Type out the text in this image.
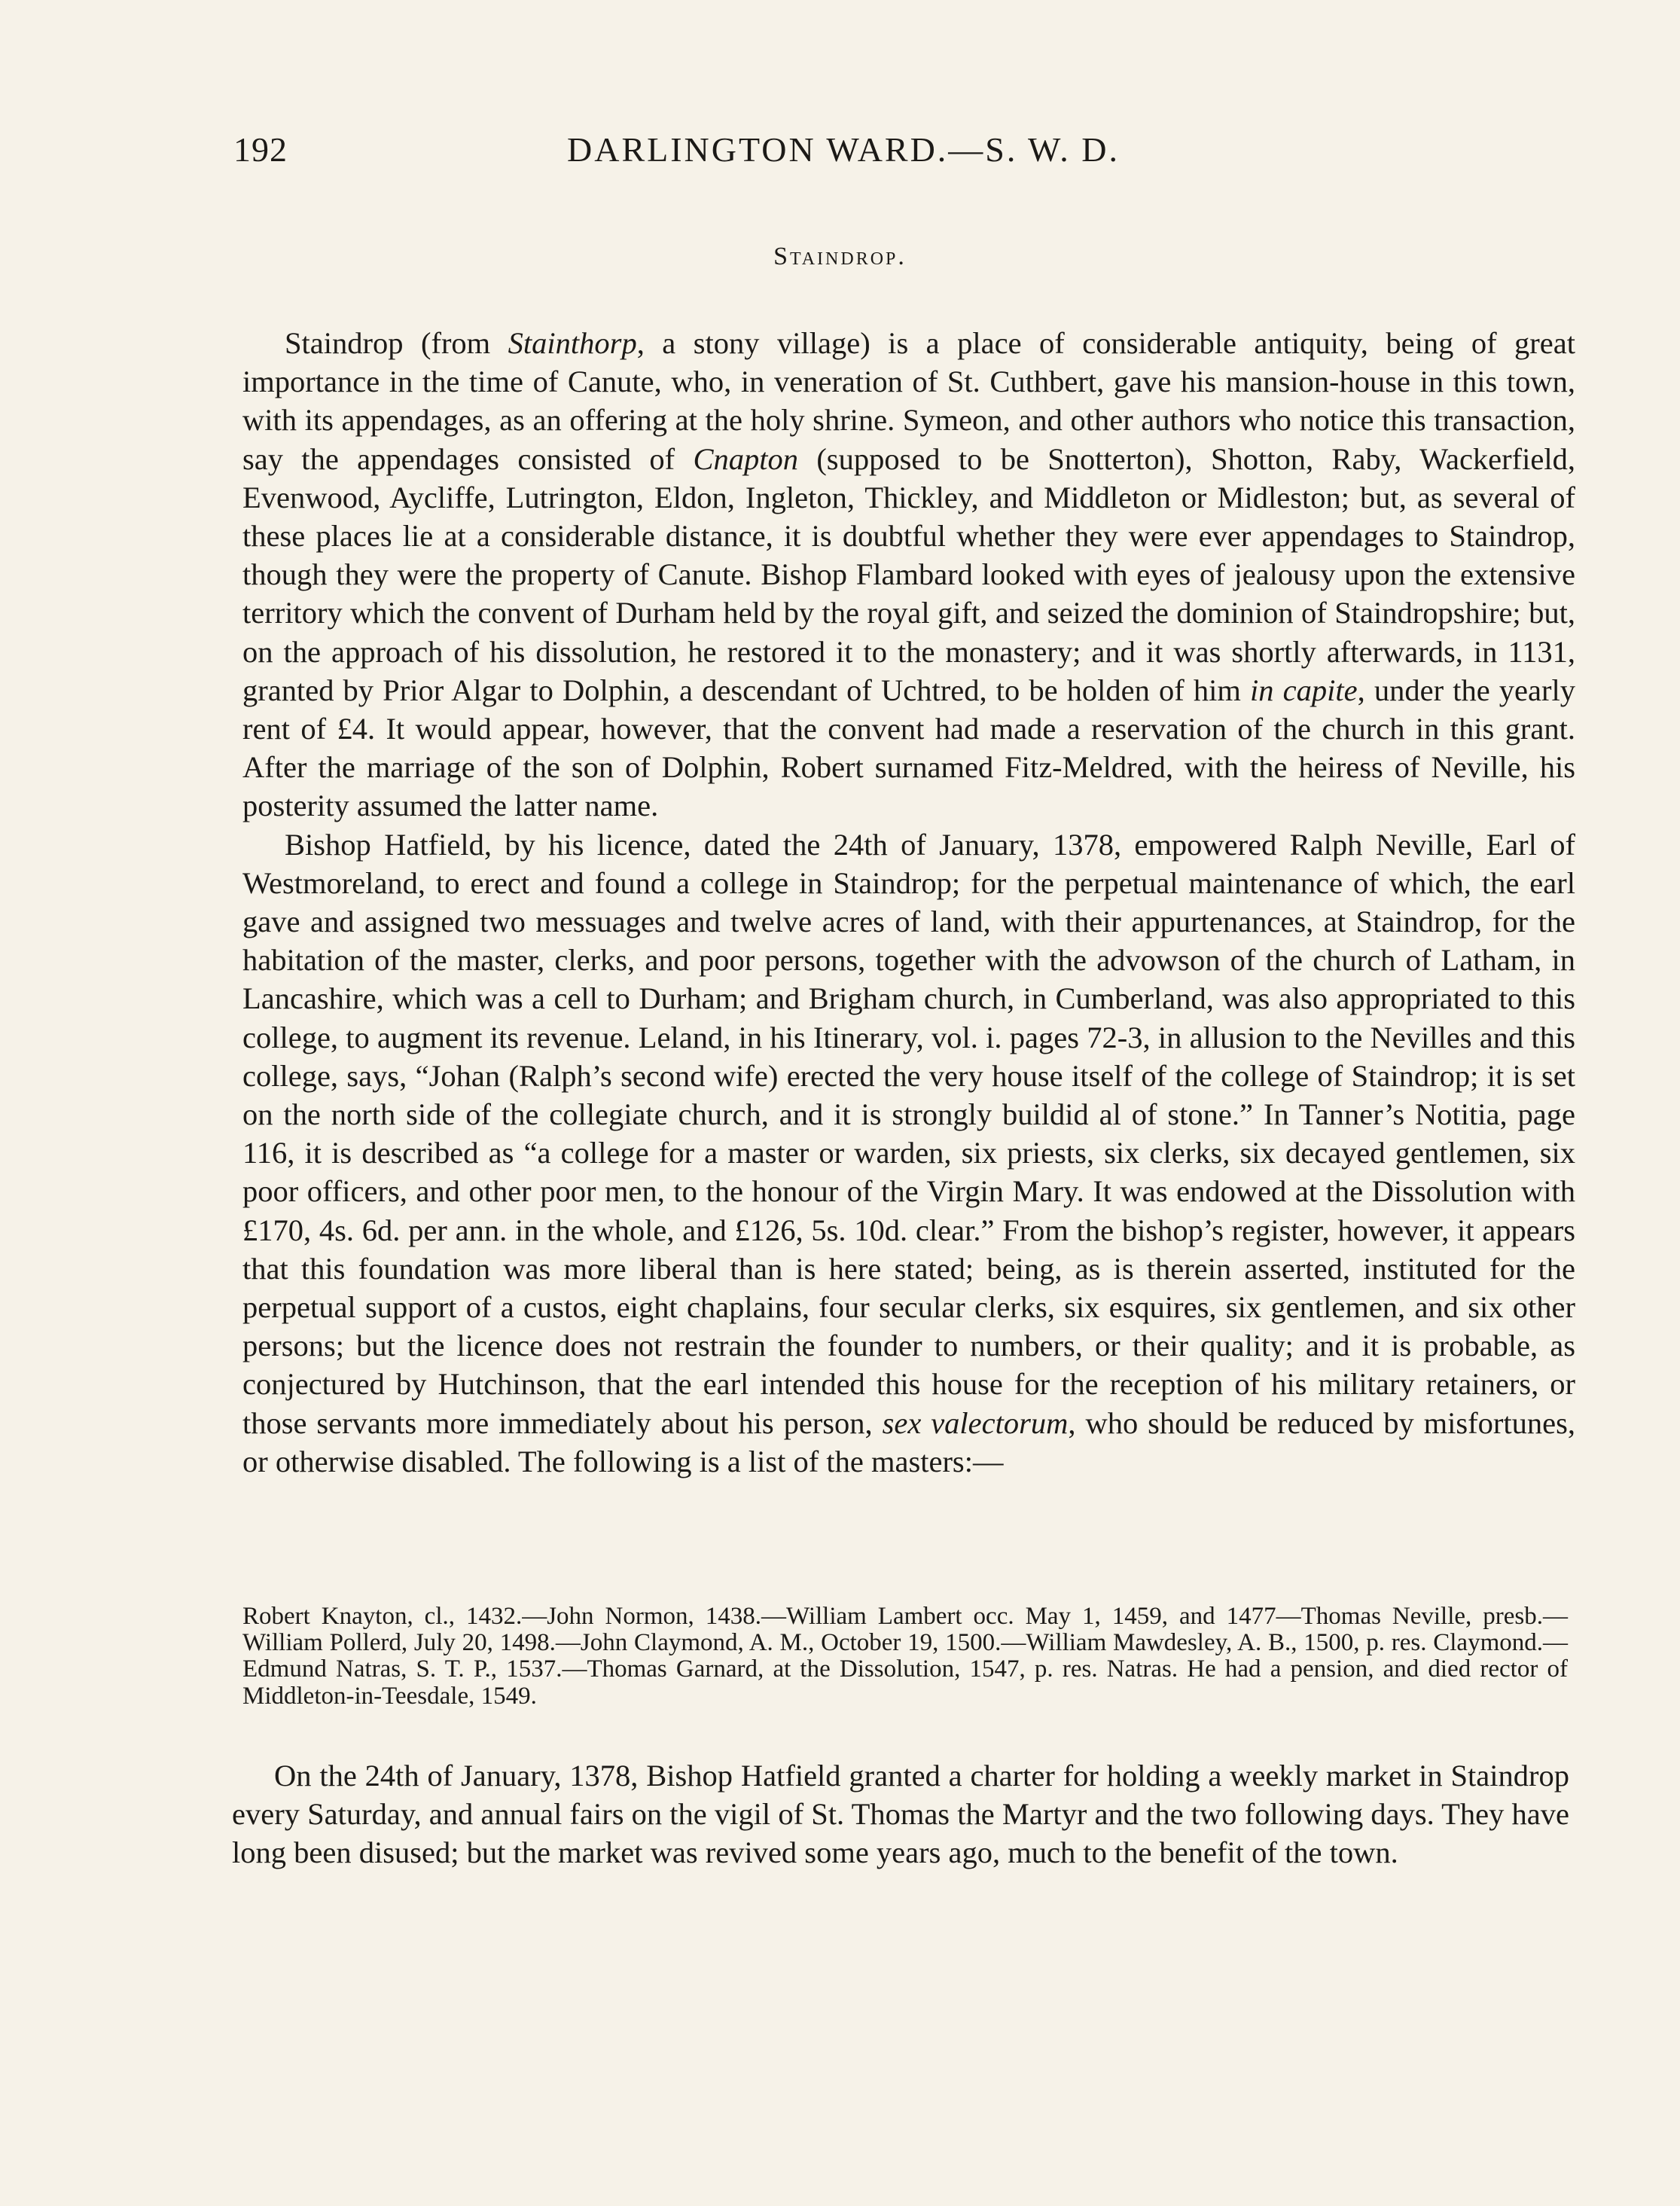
192	DARLINGTON WARD.—S. W. D.
Staindrop.

Staindrop (from Stainthorp, a stony village) is a place of considerable antiquity, being of great importance in the time of Canute, who, in veneration of St. Cuthbert, gave his mansion-house in this town, with its appendages, as an offering at the holy shrine. Symeon, and other authors who notice this transaction, say the appendages consisted of Cnapton (supposed to be Snotterton), Shotton, Raby, Wackerfield, Evenwood, Aycliffe, Lutrington, Eldon, Ingleton, Thickley, and Middleton or Midleston; but, as several of these places lie at a considerable distance, it is doubtful whether they were ever appendages to Staindrop, though they were the property of Canute. Bishop Flambard looked with eyes of jealousy upon the extensive territory which the convent of Durham held by the royal gift, and seized the dominion of Staindropshire; but, on the approach of his dissolution, he restored it to the monastery; and it was shortly afterwards, in 1131, granted by Prior Algar to Dolphin, a descendant of Uchtred, to be holden of him in capite, under the yearly rent of £4. It would appear, however, that the convent had made a reservation of the church in this grant. After the marriage of the son of Dolphin, Robert surnamed Fitz-Meldred, with the heiress of Neville, his posterity assumed the latter name.

Bishop Hatfield, by his licence, dated the 24th of January, 1378, empowered Ralph Neville, Earl of Westmoreland, to erect and found a college in Staindrop; for the perpetual maintenance of which, the earl gave and assigned two messuages and twelve acres of land, with their appurtenances, at Staindrop, for the habitation of the master, clerks, and poor persons, together with the advowson of the church of Latham, in Lancashire, which was a cell to Durham; and Brigham church, in Cumberland, was also appropriated to this college, to augment its revenue. Leland, in his Itinerary, vol. i. pages 72-3, in allusion to the Nevilles and this college, says, “Johan (Ralph’s second wife) erected the very house itself of the college of Staindrop; it is set on the north side of the collegiate church, and it is strongly buildid al of stone.” In Tanner’s Notitia, page 116, it is described as “a college for a master or warden, six priests, six clerks, six decayed gentlemen, six poor officers, and other poor men, to the honour of the Virgin Mary. It was endowed at the Dissolution with £170, 4s. 6d. per ann. in the whole, and £126, 5s. 10d. clear.” From the bishop’s register, however, it appears that this foundation was more liberal than is here stated; being, as is therein asserted, instituted for the perpetual support of a custos, eight chaplains, four secular clerks, six esquires, six gentlemen, and six other persons; but the licence does not restrain the founder to numbers, or their quality; and it is probable, as conjectured by Hutchinson, that the earl intended this house for the reception of his military retainers, or those servants more immediately about his person, sex valectorum, who should be reduced by misfortunes, or otherwise disabled. The following is a list of the masters:—

Robert Knayton, cl., 1432.—John Normon, 1438.—William Lambert occ. May 1, 1459, and 1477—Thomas Neville, presb.—William Pollerd, July 20, 1498.—John Claymond, A. M., October 19, 1500.—William Mawdesley, A. B., 1500, p. res. Claymond.—Edmund Natras, S. T. P., 1537.—Thomas Garnard, at the Dissolution, 1547, p. res. Natras. He had a pension, and died rector of Middleton-in-Teesdale, 1549.

On the 24th of January, 1378, Bishop Hatfield granted a charter for holding a weekly market in Staindrop every Saturday, and annual fairs on the vigil of St. Thomas the Martyr and the two following days. They have long been disused; but the market was revived some years ago, much to the benefit of the town.
